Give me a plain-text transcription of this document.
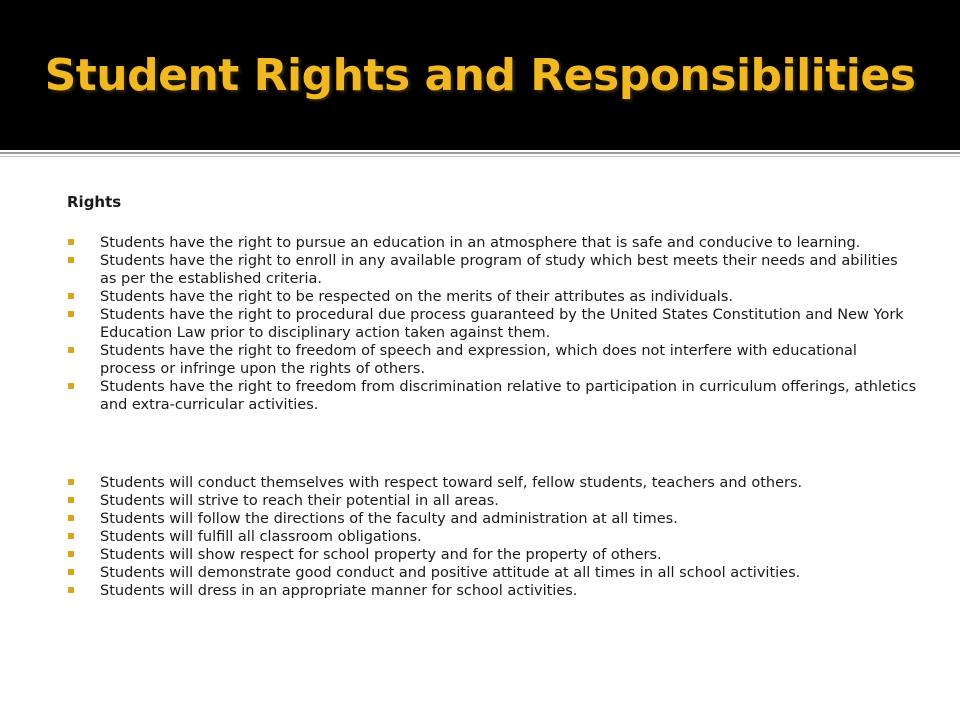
Student Rights and Responsibilities
Rights
Students have the right to pursue an education in an atmosphere that is safe and conducive to learning.
Students have the right to enroll in any available program of study which best meets their needs and abilities as per the established criteria.
Students have the right to be respected on the merits of their attributes as individuals.
Students have the right to procedural due process guaranteed by the United States Constitution and New York Education Law prior to disciplinary action taken against them.
Students have the right to freedom of speech and expression, which does not interfere with educational process or infringe upon the rights of others.
Students have the right to freedom from discrimination relative to participation in curriculum offerings, athletics and extra-curricular activities.
Students will conduct themselves with respect toward self, fellow students, teachers and others.
Students will strive to reach their potential in all areas.
Students will follow the directions of the faculty and administration at all times.
Students will fulfill all classroom obligations.
Students will show respect for school property and for the property of others.
Students will demonstrate good conduct and positive attitude at all times in all school activities.
Students will dress in an appropriate manner for school activities.
